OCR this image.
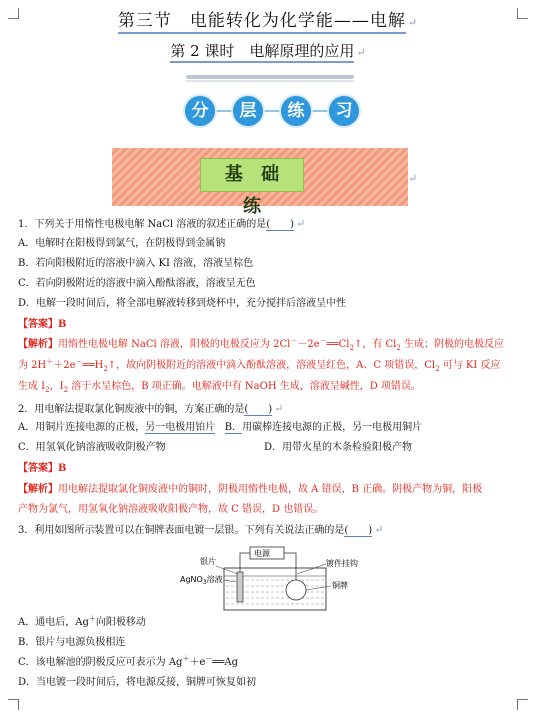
第三节　电能转化为化学能——电解 ↵
第 2 课时　电解原理的应用 ↵
分	层	练	习
基 础 练
↵
1．下列关于用惰性电极电解 NaCl 溶液的叙述正确的是(　　) ↵
A．电解时在阳极得到氯气，在阴极得到金属钠
B．若向阳极附近的溶液中滴入 KI 溶液，溶液呈棕色
C．若向阴极附近的溶液中滴入酚酞溶液，溶液呈无色
D．电解一段时间后，将全部电解液转移到烧杯中，充分搅拌后溶液呈中性
【答案】B
【解析】用惰性电极电解 NaCl 溶液，阳极的电极反应为 $2Cl^--2e^-══Cl_2↑$，有 $Cl_2$ 生成；阴极的电极反应
为 $2H^++2e^-══H_2↑$，故向阴极附近的溶液中滴入酚酞溶液，溶液呈红色，A、C 项错误，$Cl_2$ 可与 KI 反应
生成 $I_2$，$I_2$ 溶于水呈棕色，B 项正确。电解液中有 NaOH 生成，溶液呈碱性，D 项错误。
2．用电解法提取氯化铜废液中的铜，方案正确的是(　　) ↵
A．用铜片连接电源的正极，另一电极用铂片 B．用碳棒连接电源的正极，另一电极用铜片
C．用氢氧化钠溶液吸收阴极产物	D．用带火星的木条检验阳极产物
【答案】B
【解析】用电解法提取氯化铜废液中的铜时，阴极用惰性电极，故 A 错误，B 正确。阴极产物为铜，阳极
产物为氯气，用氢氧化钠溶液吸收阳极产物，故 C 错误，D 也错误。
3．利用如图所示装置可以在铜牌表面电镀一层银。下列有关说法正确的是(　　) ↵
电源
银片
AgNO$_3$溶液
镀件挂钩
铜牌
A．通电后，Ag＋向阳极移动
B．银片与电源负极相连
C．该电解池的阴极反应可表示为 Ag＋＋e－══Ag
D．当电镀一段时间后，将电源反接，铜牌可恢复如初
